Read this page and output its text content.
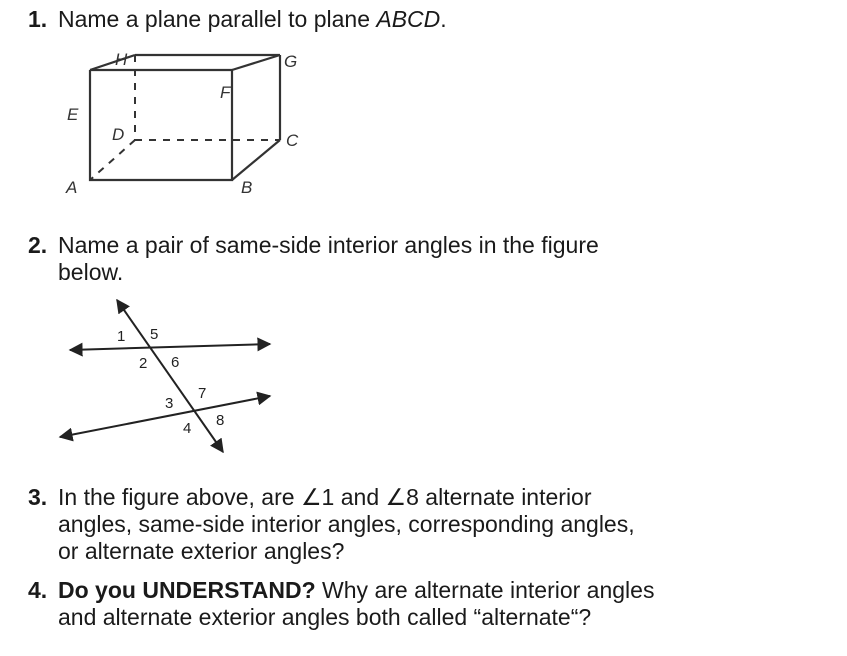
1. Name a plane parallel to plane ABCD.
A	B
C
D
E
F
G
H
2. Name a pair of same-side interior angles in the figure
below.
1
2
3
4
5
6
7
8
3. In the figure above, are ∠1 and ∠8 alternate interior
angles, same-side interior angles, corresponding angles,
or alternate exterior angles?
4. Do you UNDERSTAND? Why are alternate interior angles
and alternate exterior angles both called “alternate“?
